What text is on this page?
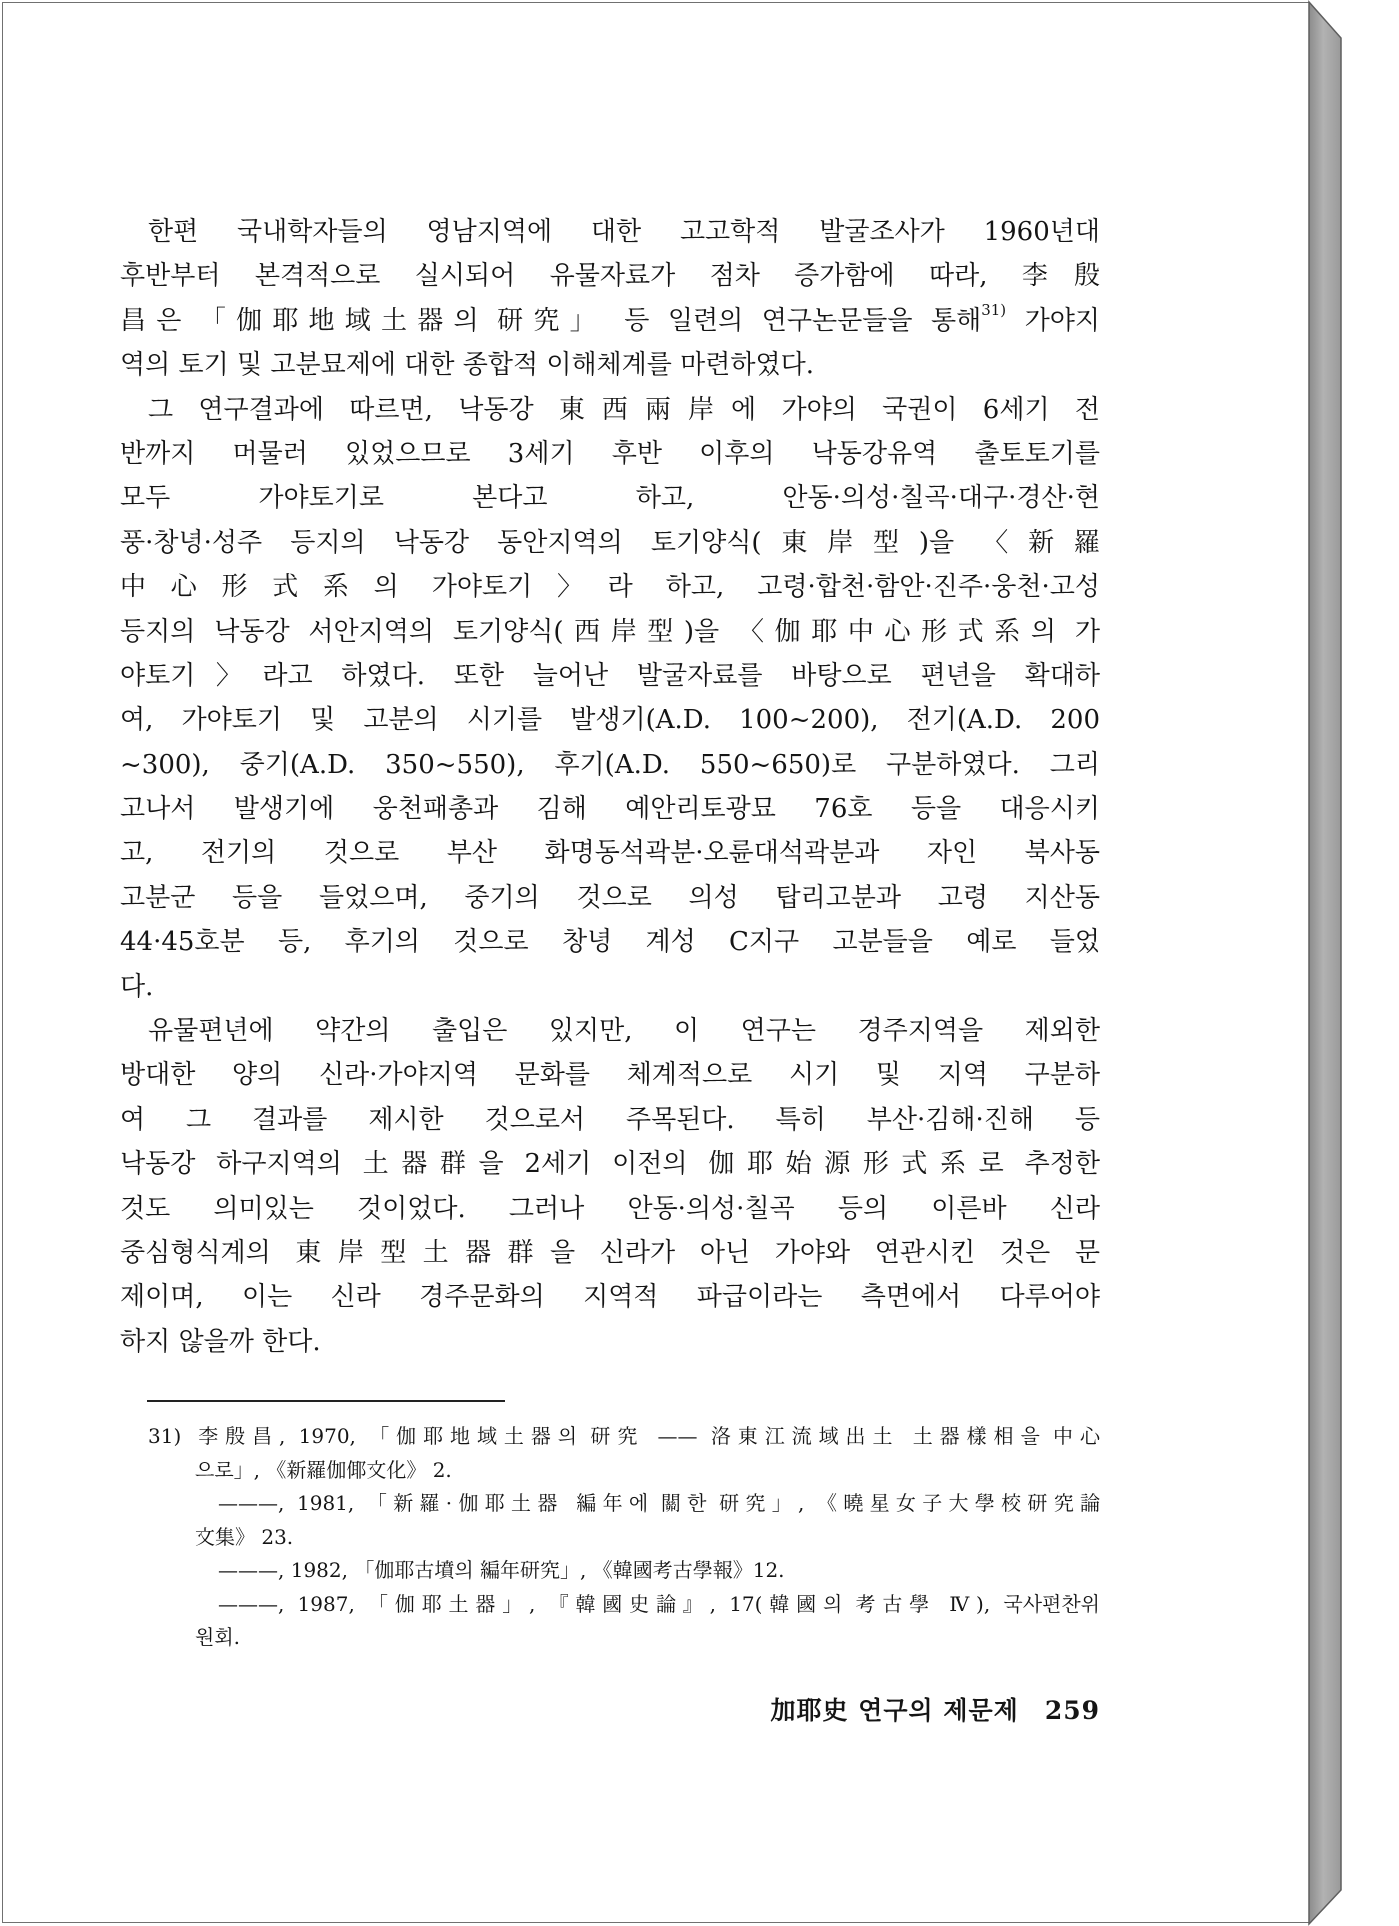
한편 국내학자들의 영남지역에 대한 고고학적 발굴조사가 1960년대
후반부터 본격적으로 실시되어 유물자료가 점차 증가함에 따라, 李殷
昌은 「伽耶地域土器의 研究」 등 일련의 연구논문들을 통해$^{31)}$ 가야지
역의 토기 및 고분묘제에 대한 종합적 이해체계를 마련하였다.
그 연구결과에 따르면, 낙동강 東西兩岸에 가야의 국권이 6세기 전
반까지 머물러 있었으므로 3세기 후반 이후의 낙동강유역 출토토기를
모두 가야토기로 본다고 하고, 안동·의성·칠곡·대구·경산·현
풍·창녕·성주 등지의 낙동강 동안지역의 토기양식(東岸型)을 〈新羅
中心形式系의 가야토기〉라 하고, 고령·합천·함안·진주·웅천·고성
등지의 낙동강 서안지역의 토기양식(西岸型)을 〈伽耶中心形式系의 가
야토기〉라고 하였다. 또한 늘어난 발굴자료를 바탕으로 편년을 확대하
여, 가야토기 및 고분의 시기를 발생기(A.D. 100~200), 전기(A.D. 200
~300), 중기(A.D. 350~550), 후기(A.D. 550~650)로 구분하였다. 그리
고나서 발생기에 웅천패총과 김해 예안리토광묘 76호 등을 대응시키
고, 전기의 것으로 부산 화명동석곽분·오륜대석곽분과 자인 북사동
고분군 등을 들었으며, 중기의 것으로 의성 탑리고분과 고령 지산동
44·45호분 등, 후기의 것으로 창녕 계성 C지구 고분들을 예로 들었
다.
유물편년에 약간의 출입은 있지만, 이 연구는 경주지역을 제외한
방대한 양의 신라·가야지역 문화를 체계적으로 시기 및 지역 구분하
여 그 결과를 제시한 것으로서 주목된다. 특히 부산·김해·진해 등
낙동강 하구지역의 土器群을 2세기 이전의 伽耶始源形式系로 추정한
것도 의미있는 것이었다. 그러나 안동·의성·칠곡 등의 이른바 신라
중심형식계의 東岸型土器群을 신라가 아닌 가야와 연관시킨 것은 문
제이며, 이는 신라 경주문화의 지역적 파급이라는 측면에서 다루어야
하지 않을까 한다.
31) 李殷昌, 1970, 「伽耶地域土器의 研究 —— 洛東江流域出土 土器樣相을 中心
으로」, 《新羅伽倻文化》 2.
———, 1981, 「新羅·伽耶土器 編年에 關한 研究」, 《曉星女子大學校研究論
文集》 23.
———, 1982, 「伽耶古墳의 編年研究」, 《韓國考古學報》12.
———, 1987, 「伽耶土器」, 『韓國史論』, 17(韓國의 考古學 Ⅳ), 국사편찬위
원회.
加耶史 연구의 제문제 259
